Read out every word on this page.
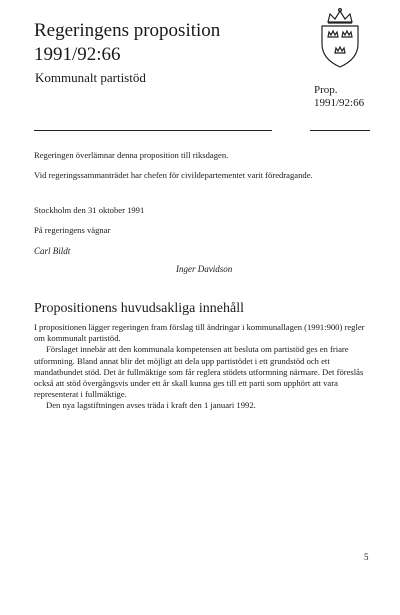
Regeringens proposition
1991/92:66
Kommunalt partistöd
Prop.
1991/92:66
Regeringen överlämnar denna proposition till riksdagen.
Vid regeringssammanträdet har chefen för civildepartementet varit föredragande.
Stockholm den 31 oktober 1991
På regeringens vägnar
Carl Bildt
Inger Davidson
Propositionens huvudsakliga innehåll

I propositionen lägger regeringen fram förslag till ändringar i kommunallagen (1991:900) regler om kommunalt partistöd.

Förslaget innebär att den kommunala kompetensen att besluta om partistöd ges en friare utformning. Bland annat blir det möjligt att dela upp partistödet i ett grundstöd och ett mandatbundet stöd. Det är fullmäktige som får reglera stödets utformning närmare. Det föreslås också att stöd övergångsvis under ett år skall kunna ges till ett parti som upphört att vara representerat i fullmäktige.

Den nya lagstiftningen avses träda i kraft den 1 januari 1992.

5
